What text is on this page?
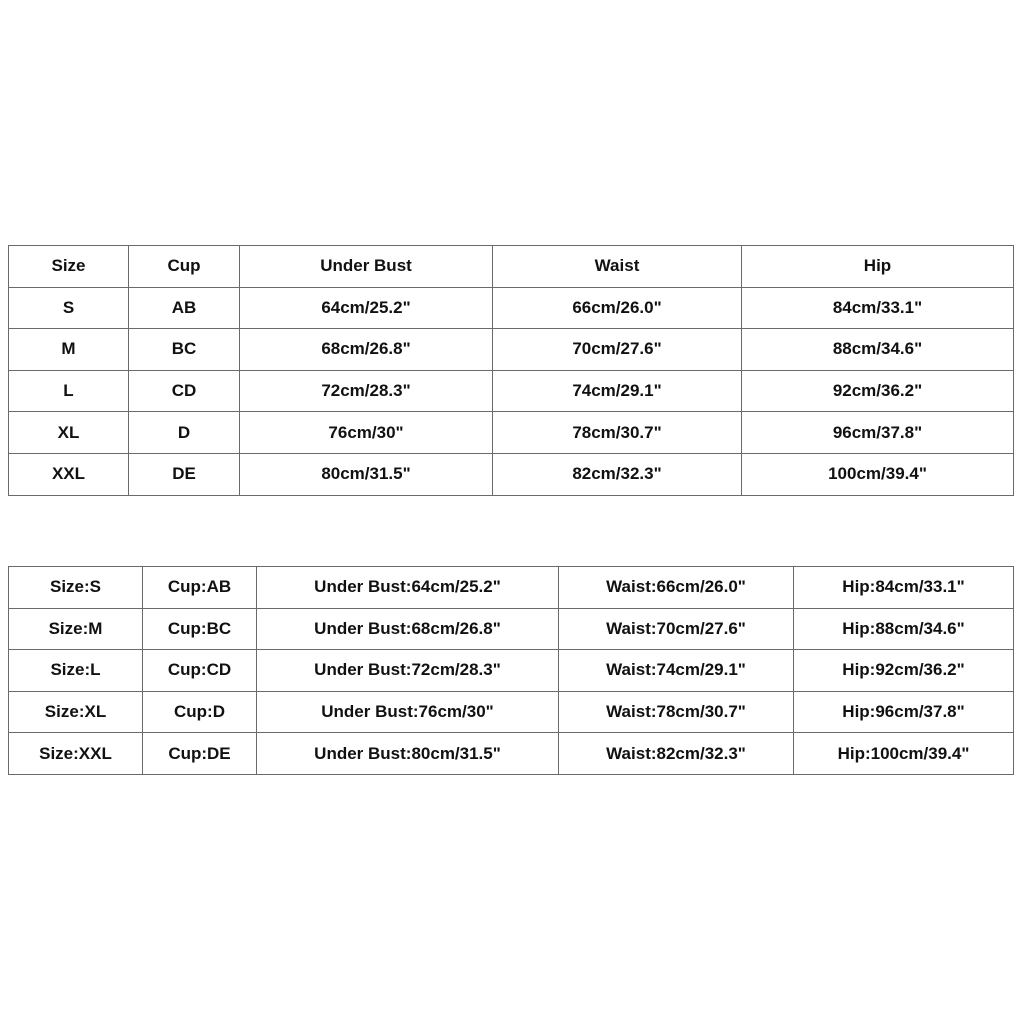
Size	Cup	Under Bust	Waist	Hip
S	AB	64cm/25.2"	66cm/26.0"	84cm/33.1"
M	BC	68cm/26.8"	70cm/27.6"	88cm/34.6"
L	CD	72cm/28.3"	74cm/29.1"	92cm/36.2"
XL	D	76cm/30"	78cm/30.7"	96cm/37.8"
XXL	DE	80cm/31.5"	82cm/32.3"	100cm/39.4"
Size:S	Cup:AB	Under Bust:64cm/25.2"	Waist:66cm/26.0"	Hip:84cm/33.1"
Size:M	Cup:BC	Under Bust:68cm/26.8"	Waist:70cm/27.6"	Hip:88cm/34.6"
Size:L	Cup:CD	Under Bust:72cm/28.3"	Waist:74cm/29.1"	Hip:92cm/36.2"
Size:XL	Cup:D	Under Bust:76cm/30"	Waist:78cm/30.7"	Hip:96cm/37.8"
Size:XXL	Cup:DE	Under Bust:80cm/31.5"	Waist:82cm/32.3"	Hip:100cm/39.4"
